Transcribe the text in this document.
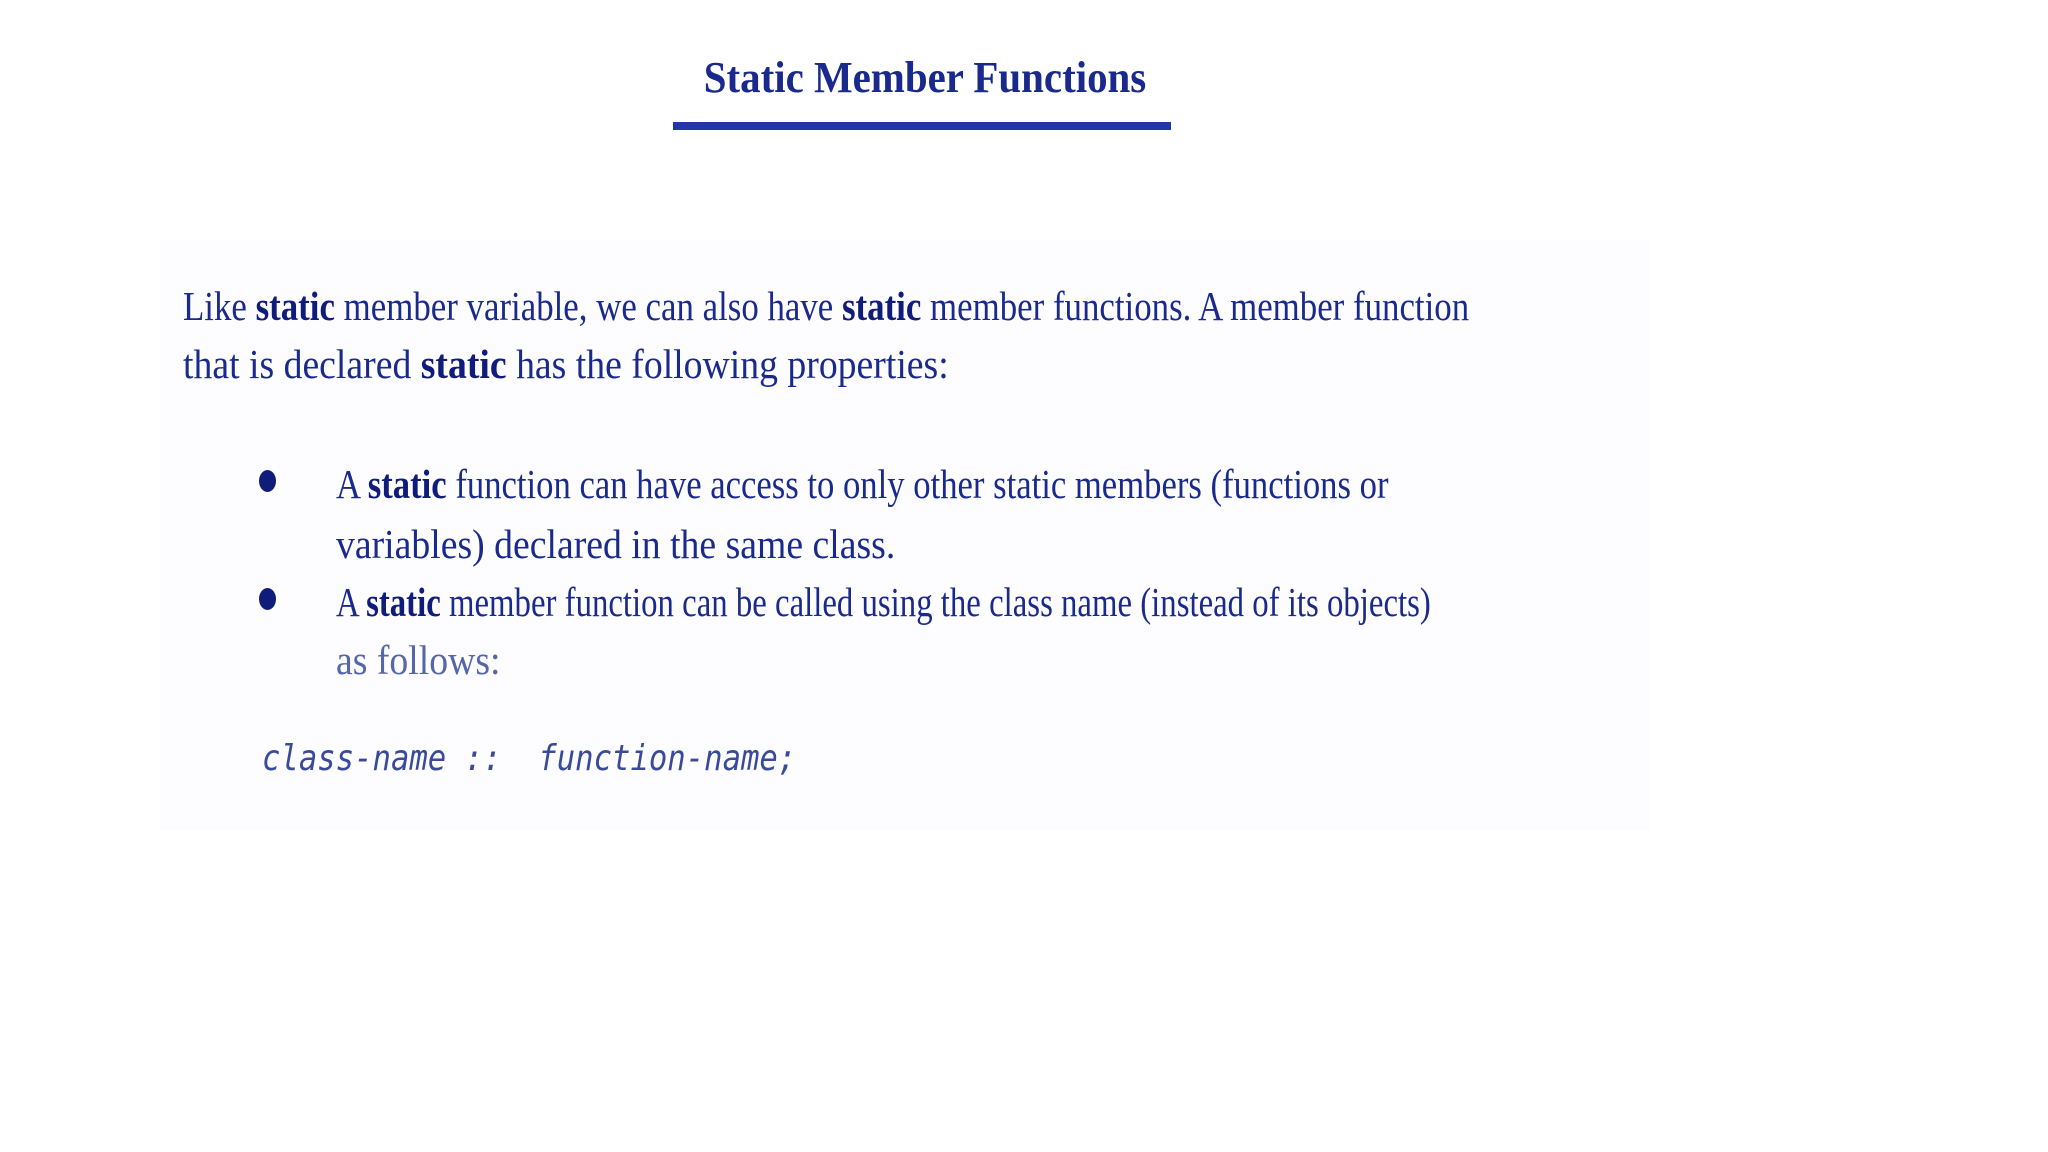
Static Member Functions
Like static member variable, we can also have static member functions. A member function
that is declared static has the following properties:
A static function can have access to only other static members (functions or
variables) declared in the same class.
A static member function can be called using the class name (instead of its objects)
as follows:
class-name ::  function-name;
